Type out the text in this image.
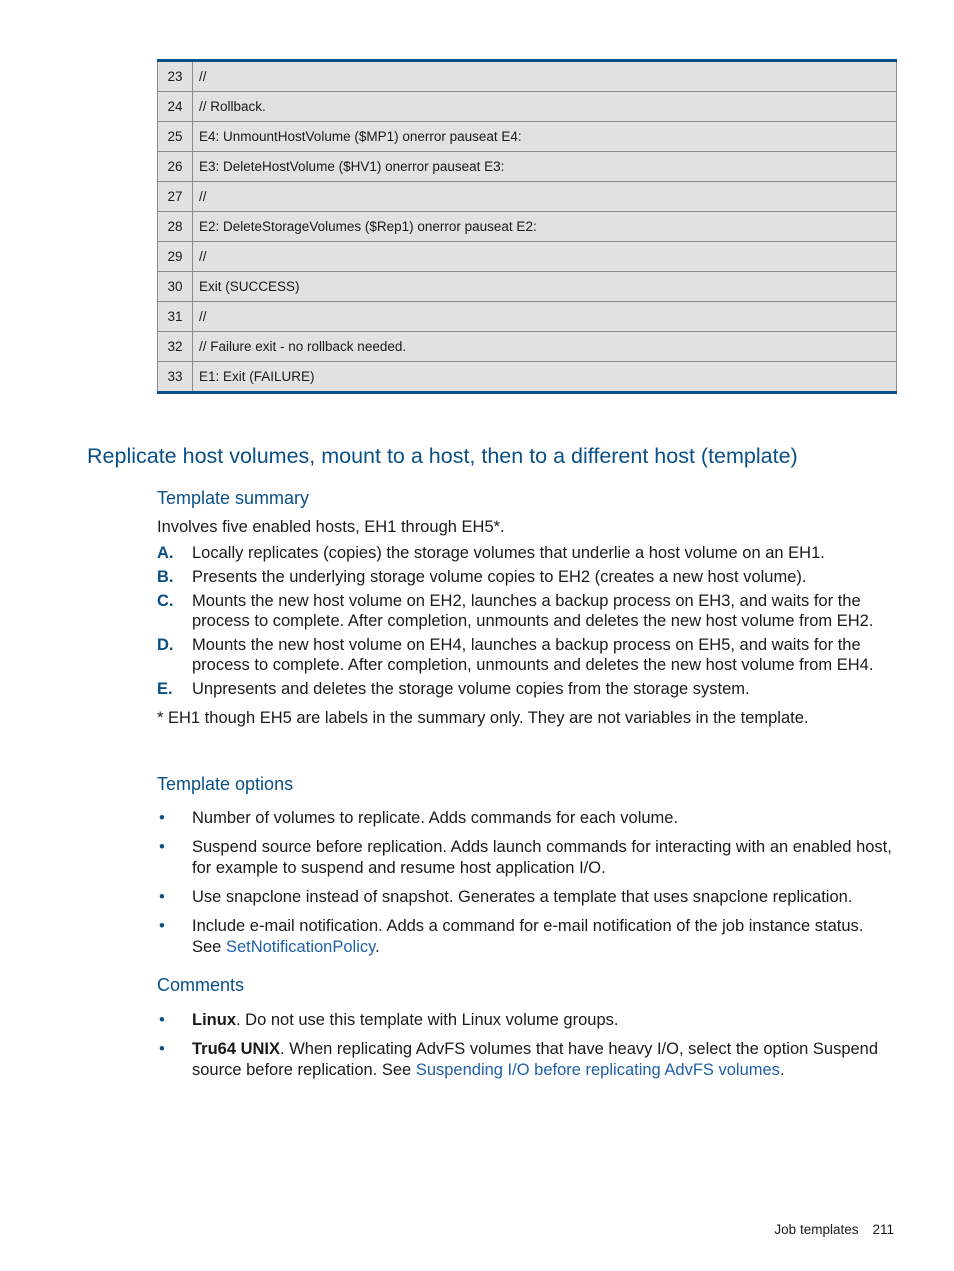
23	//
24	// Rollback.
25	E4: UnmountHostVolume ($MP1) onerror pauseat E4:
26	E3: DeleteHostVolume ($HV1) onerror pauseat E3:
27	//
28	E2: DeleteStorageVolumes ($Rep1) onerror pauseat E2:
29	//
30	Exit (SUCCESS)
31	//
32	// Failure exit - no rollback needed.
33	E1: Exit (FAILURE)
Replicate host volumes, mount to a host, then to a different host (template)
Template summary

Involves five enabled hosts, EH1 through EH5*.

A. Locally replicates (copies) the storage volumes that underlie a host volume on an EH1.
B. Presents the underlying storage volume copies to EH2 (creates a new host volume).
C. Mounts the new host volume on EH2, launches a backup process on EH3, and waits for the process to complete. After completion, unmounts and deletes the new host volume from EH2.
D. Mounts the new host volume on EH4, launches a backup process on EH5, and waits for the process to complete. After completion, unmounts and deletes the new host volume from EH4.
E. Unpresents and deletes the storage volume copies from the storage system.

* EH1 though EH5 are labels in the summary only. They are not variables in the template.

Template options
• Number of volumes to replicate. Adds commands for each volume.
• Suspend source before replication. Adds launch commands for interacting with an enabled host, for example to suspend and resume host application I/O.
• Use snapclone instead of snapshot. Generates a template that uses snapclone replication.
• Include e-mail notification. Adds a command for e-mail notification of the job instance status. See SetNotificationPolicy.
Comments
• Linux. Do not use this template with Linux volume groups.
• Tru64 UNIX. When replicating AdvFS volumes that have heavy I/O, select the option Suspend source before replication. See Suspending I/O before replicating AdvFS volumes.
Job templates 211
